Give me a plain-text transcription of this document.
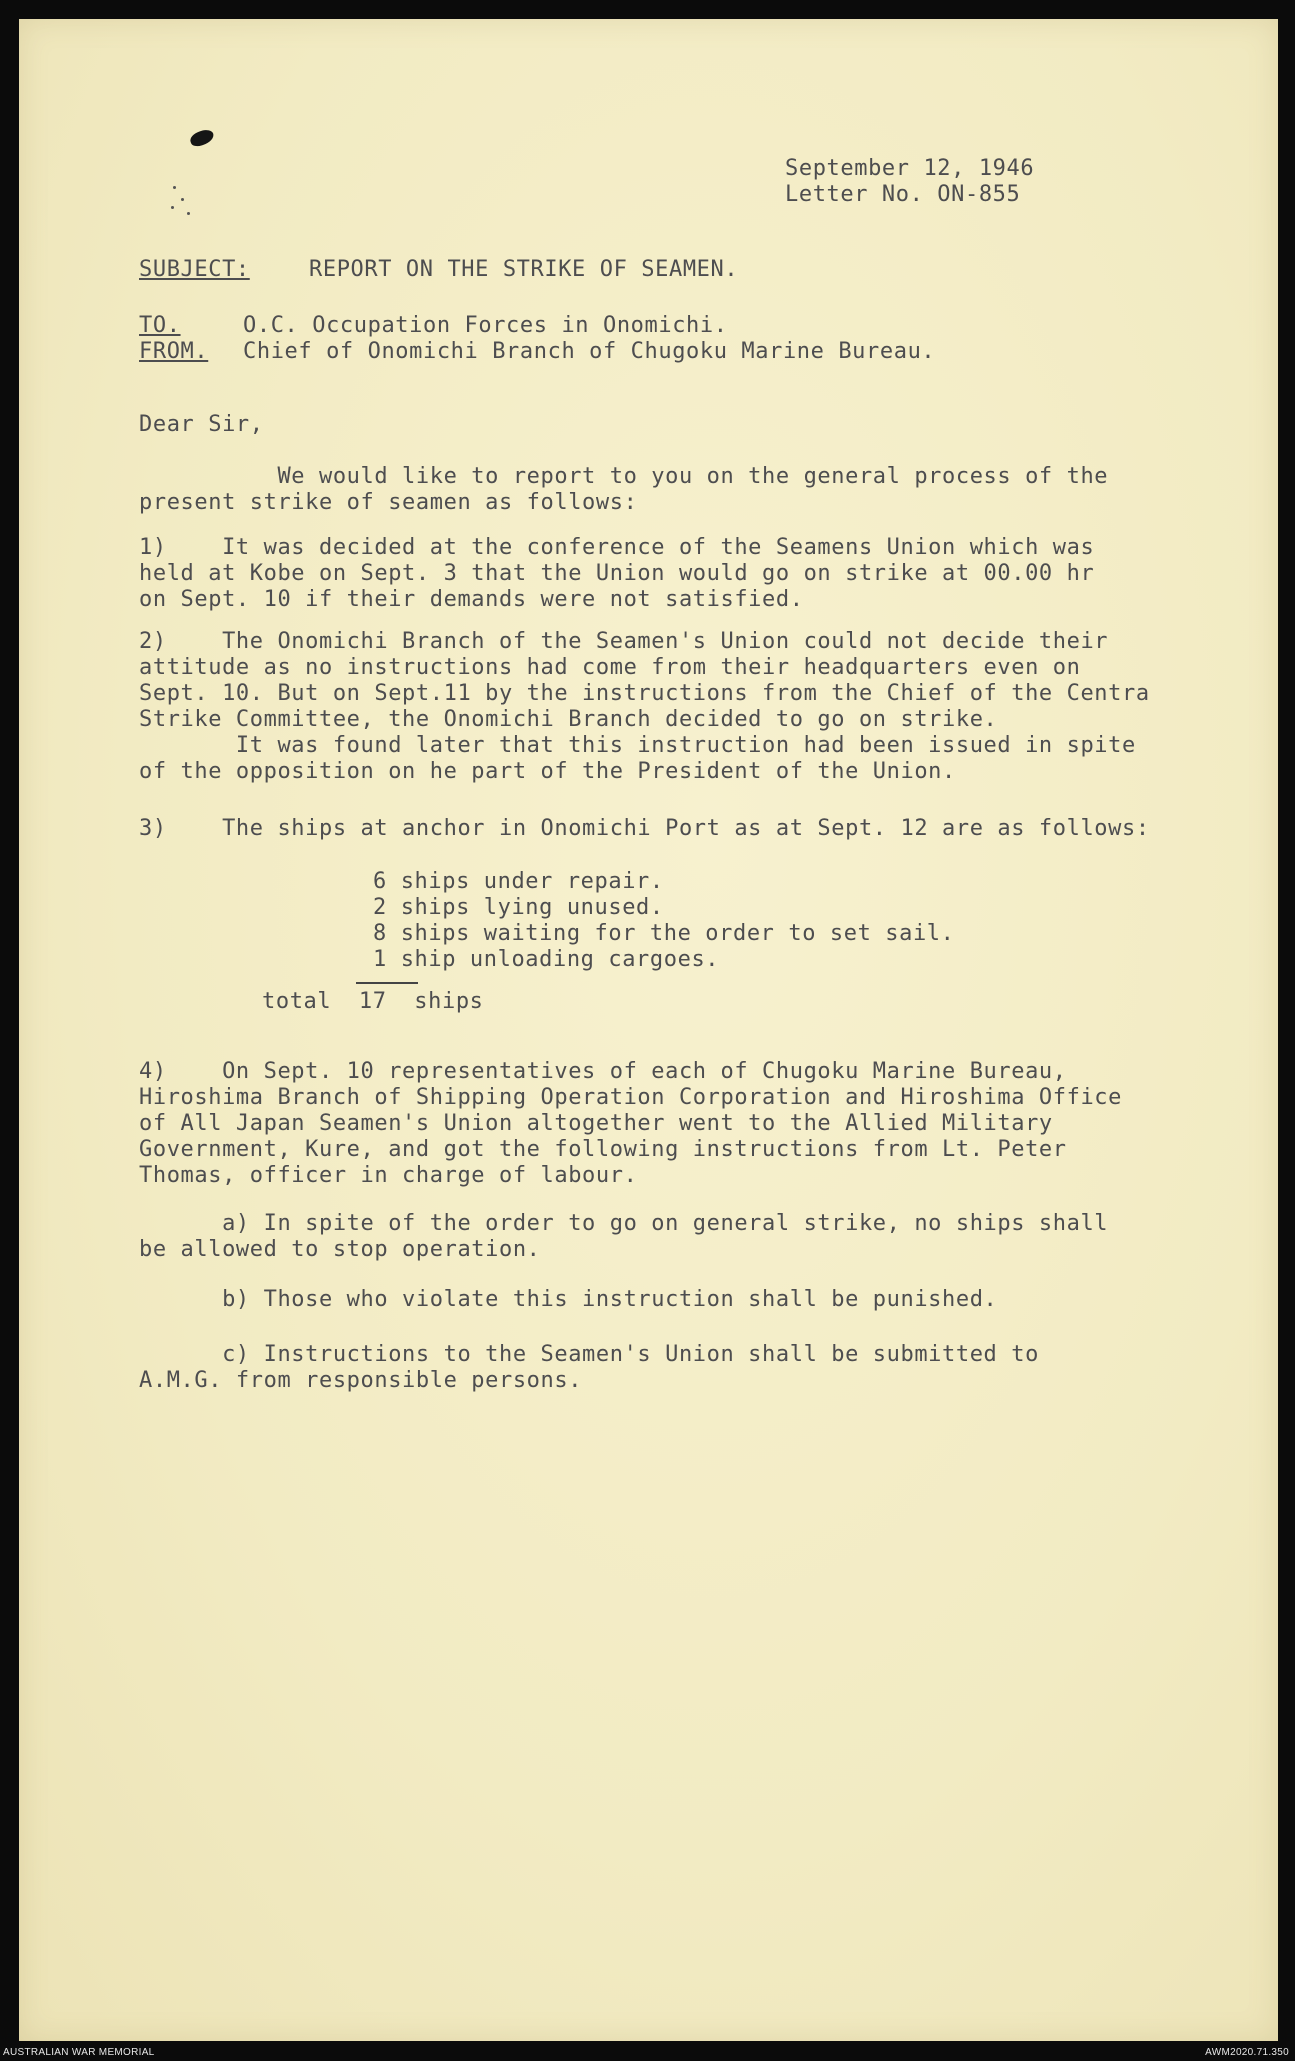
September 12, 1946
Letter No. ON-855
SUBJECT:	REPORT ON THE STRIKE OF SEAMEN.
TO.	O.C. Occupation Forces in Onomichi.
FROM. Chief of Onomichi Branch of Chugoku Marine Bureau.
Dear Sir,
We would like to report to you on the general process of the
present strike of seamen as follows:
1)    It was decided at the conference of the Seamens Union which was
held at Kobe on Sept. 3 that the Union would go on strike at 00.00 hr
on Sept. 10 if their demands were not satisfied.
2)    The Onomichi Branch of the Seamen's Union could not decide their
attitude as no instructions had come from their headquarters even on
Sept. 10. But on Sept.11 by the instructions from the Chief of the Centra
Strike Committee, the Onomichi Branch decided to go on strike.
It was found later that this instruction had been issued in spite
of the opposition on he part of the President of the Union.
3)    The ships at anchor in Onomichi Port as at Sept. 12 are as follows:
6 ships under repair.
2 ships lying unused.
8 ships waiting for the order to set sail.
1 ship unloading cargoes.
total  17  ships
4)    On Sept. 10 representatives of each of Chugoku Marine Bureau,
Hiroshima Branch of Shipping Operation Corporation and Hiroshima Office
of All Japan Seamen's Union altogether went to the Allied Military
Government, Kure, and got the following instructions from Lt. Peter
Thomas, officer in charge of labour.
a) In spite of the order to go on general strike, no ships shall
be allowed to stop operation.
b) Those who violate this instruction shall be punished.
c) Instructions to the Seamen's Union shall be submitted to
A.M.G. from responsible persons.
AUSTRALIAN WAR MEMORIAL	AWM2020.71.350
